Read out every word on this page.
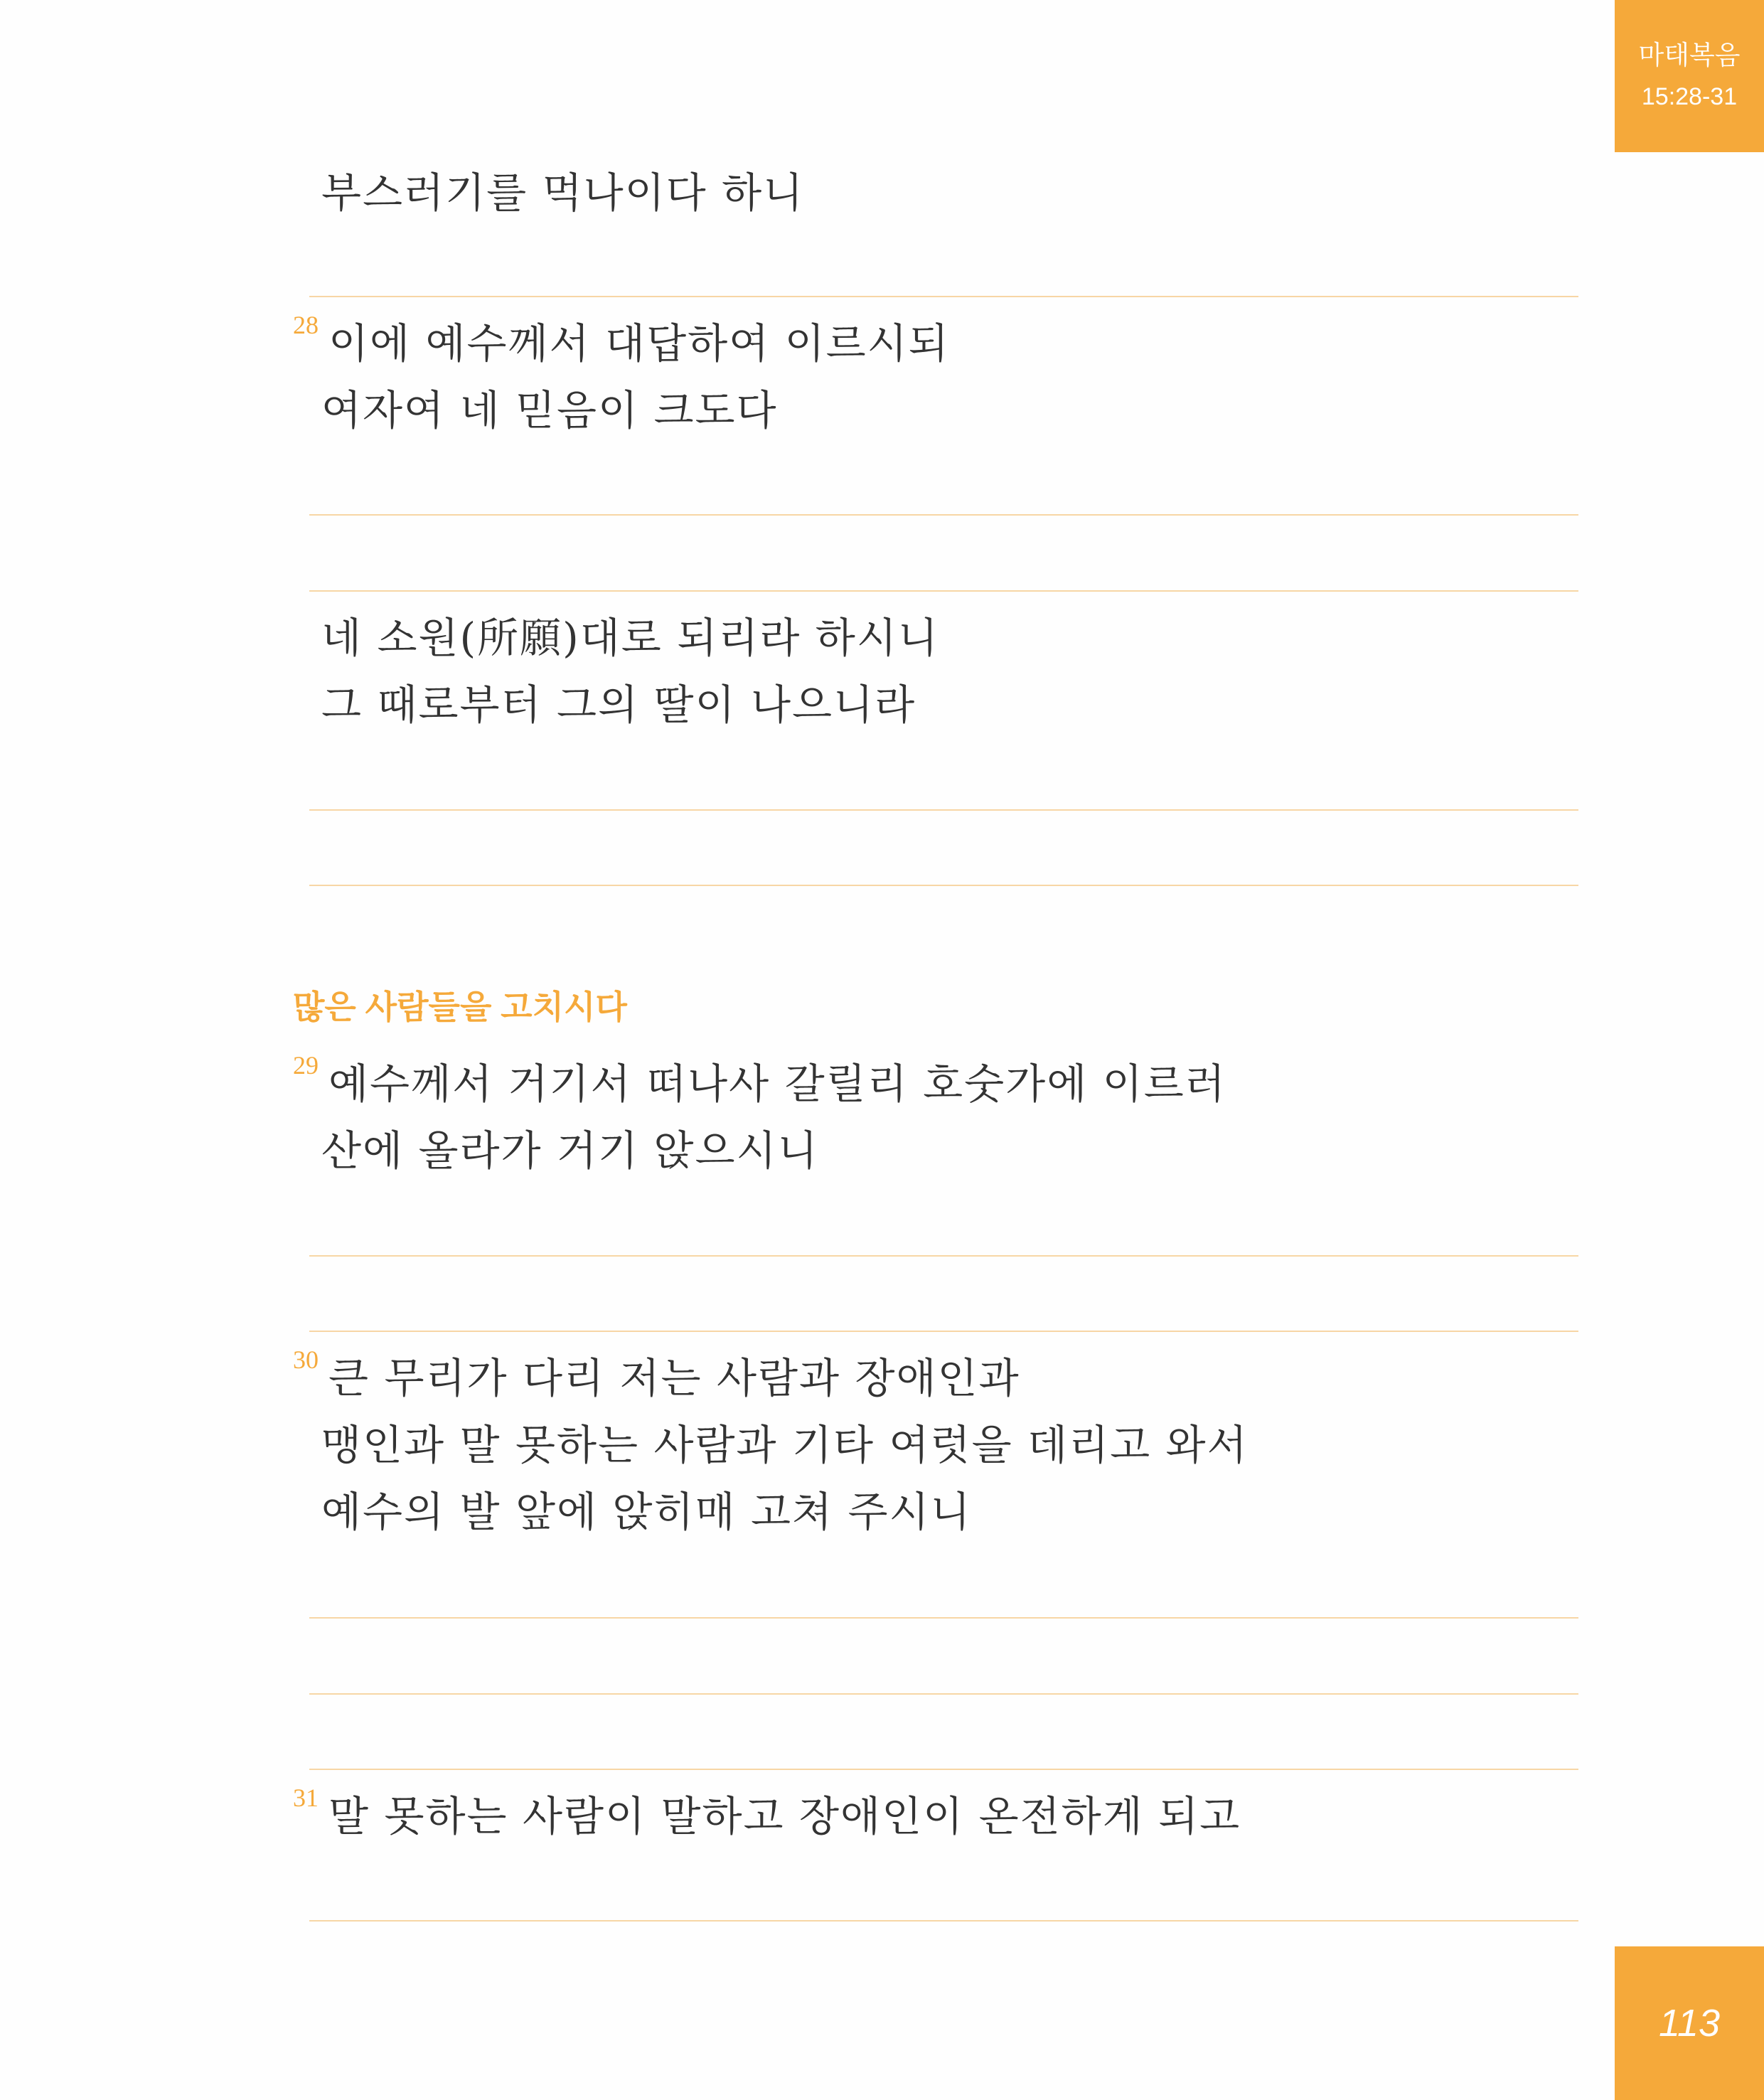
마태복음
15:28-31
부스러기를 먹나이다 하니
28 이에 예수께서 대답하여 이르시되
여자여 네 믿음이 크도다
네 소원(所願)대로 되리라 하시니
그 때로부터 그의 딸이 나으니라
많은 사람들을 고치시다
29 예수께서 거기서 떠나사 갈릴리 호숫가에 이르러
산에 올라가 거기 앉으시니
30 큰 무리가 다리 저는 사람과 장애인과
맹인과 말 못하는 사람과 기타 여럿을 데리고 와서
예수의 발 앞에 앉히매 고쳐 주시니
31 말 못하는 사람이 말하고 장애인이 온전하게 되고
113
